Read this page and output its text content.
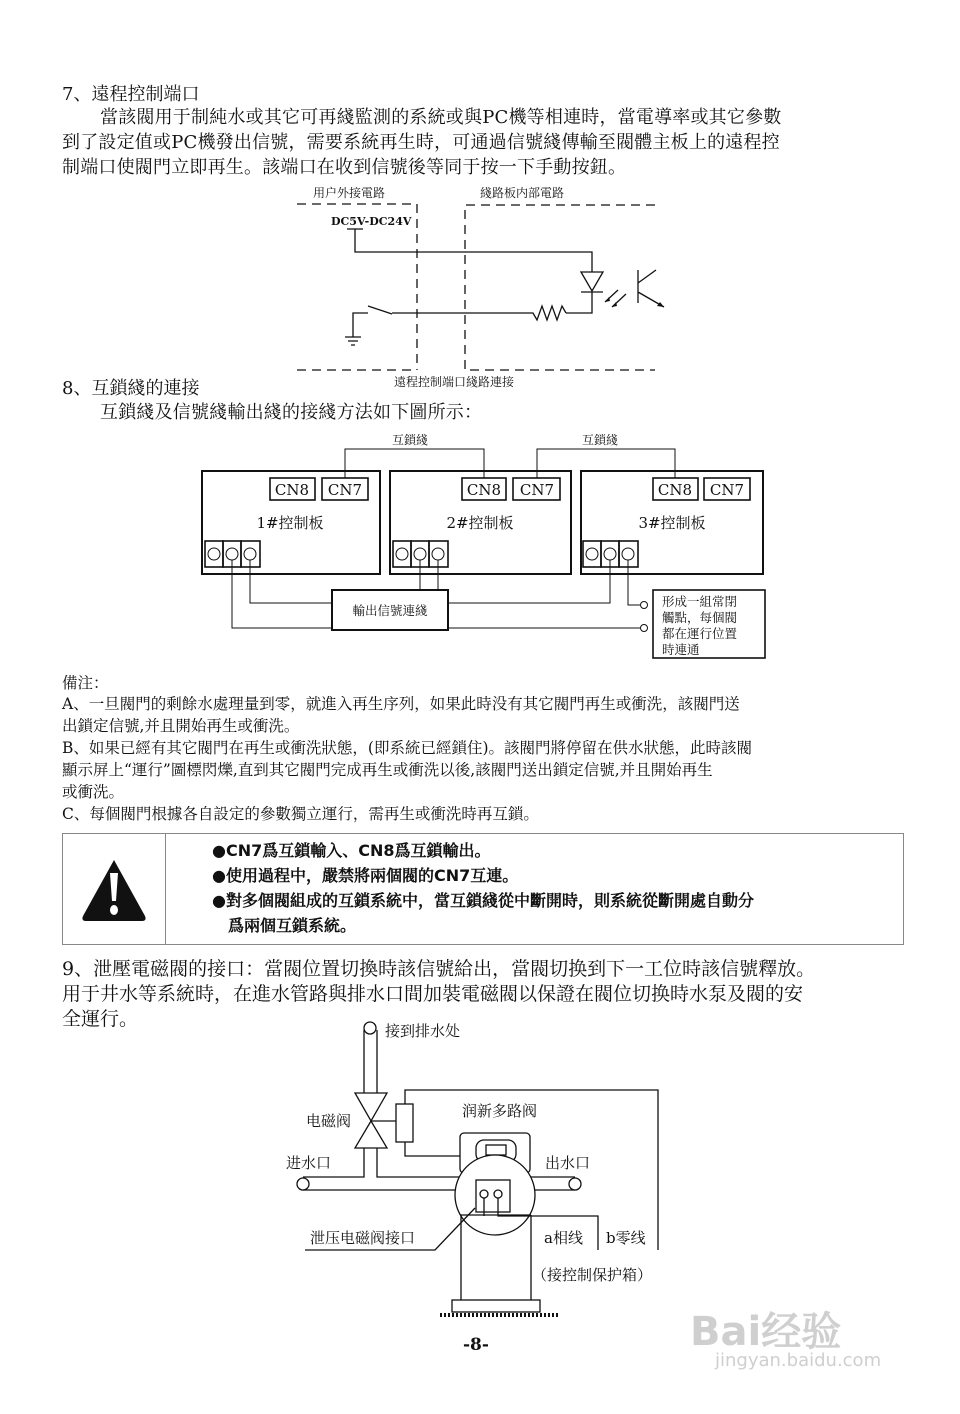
7、遠程控制端口
當該閥用于制純水或其它可再綫監測的系統或與PC機等相連時，當電導率或其它參數
到了設定值或PC機發出信號，需要系統再生時，可通過信號綫傳輸至閥體主板上的遠程控
制端口使閥門立即再生。該端口在收到信號後等同于按一下手動按鈕。
8、互鎖綫的連接
互鎖綫及信號綫輸出綫的接綫方法如下圖所示：
備注：
A、一旦閥門的剩餘水處理量到零，就進入再生序列，如果此時没有其它閥門再生或衝洗，該閥門送
出鎖定信號,并且開始再生或衝洗。
B、如果已經有其它閥門在再生或衝洗狀態，(即系統已經鎖住)。該閥門將停留在供水狀態，此時該閥
顯示屏上“運行”圖標閃爍,直到其它閥門完成再生或衝洗以後,該閥門送出鎖定信號,并且開始再生
或衝洗。
C、每個閥門根據各自設定的參數獨立運行，需再生或衝洗時再互鎖。
●CN7爲互鎖輸入、CN8爲互鎖輸出。
●使用過程中，嚴禁將兩個閥的CN7互連。
●對多個閥組成的互鎖系統中，當互鎖綫從中斷開時，則系統從斷開處自動分
爲兩個互鎖系統。
9、泄壓電磁閥的接口：當閥位置切換時該信號給出，當閥切换到下一工位時該信號釋放。
用于井水等系統時，在進水管路與排水口間加裝電磁閥以保證在閥位切换時水泵及閥的安
全運行。
用户外接電路	綫路板内部電路
DC5V-DC24V
遠程控制端口綫路連接
互鎖綫	互鎖綫
CN8 CN7	CN8 CN7	CN8 CN7
1#控制板	2#控制板	3#控制板
輸出信號連綫
形成一組常閉
觸點，每個閥
都在運行位置
時連通
接到排水处
电磁阀
润新多路阀
进水口	出水口
泄压电磁阀接口	a相线 b零线
（接控制保护箱）
-8-	Bai经验
jingyan.baidu.com
